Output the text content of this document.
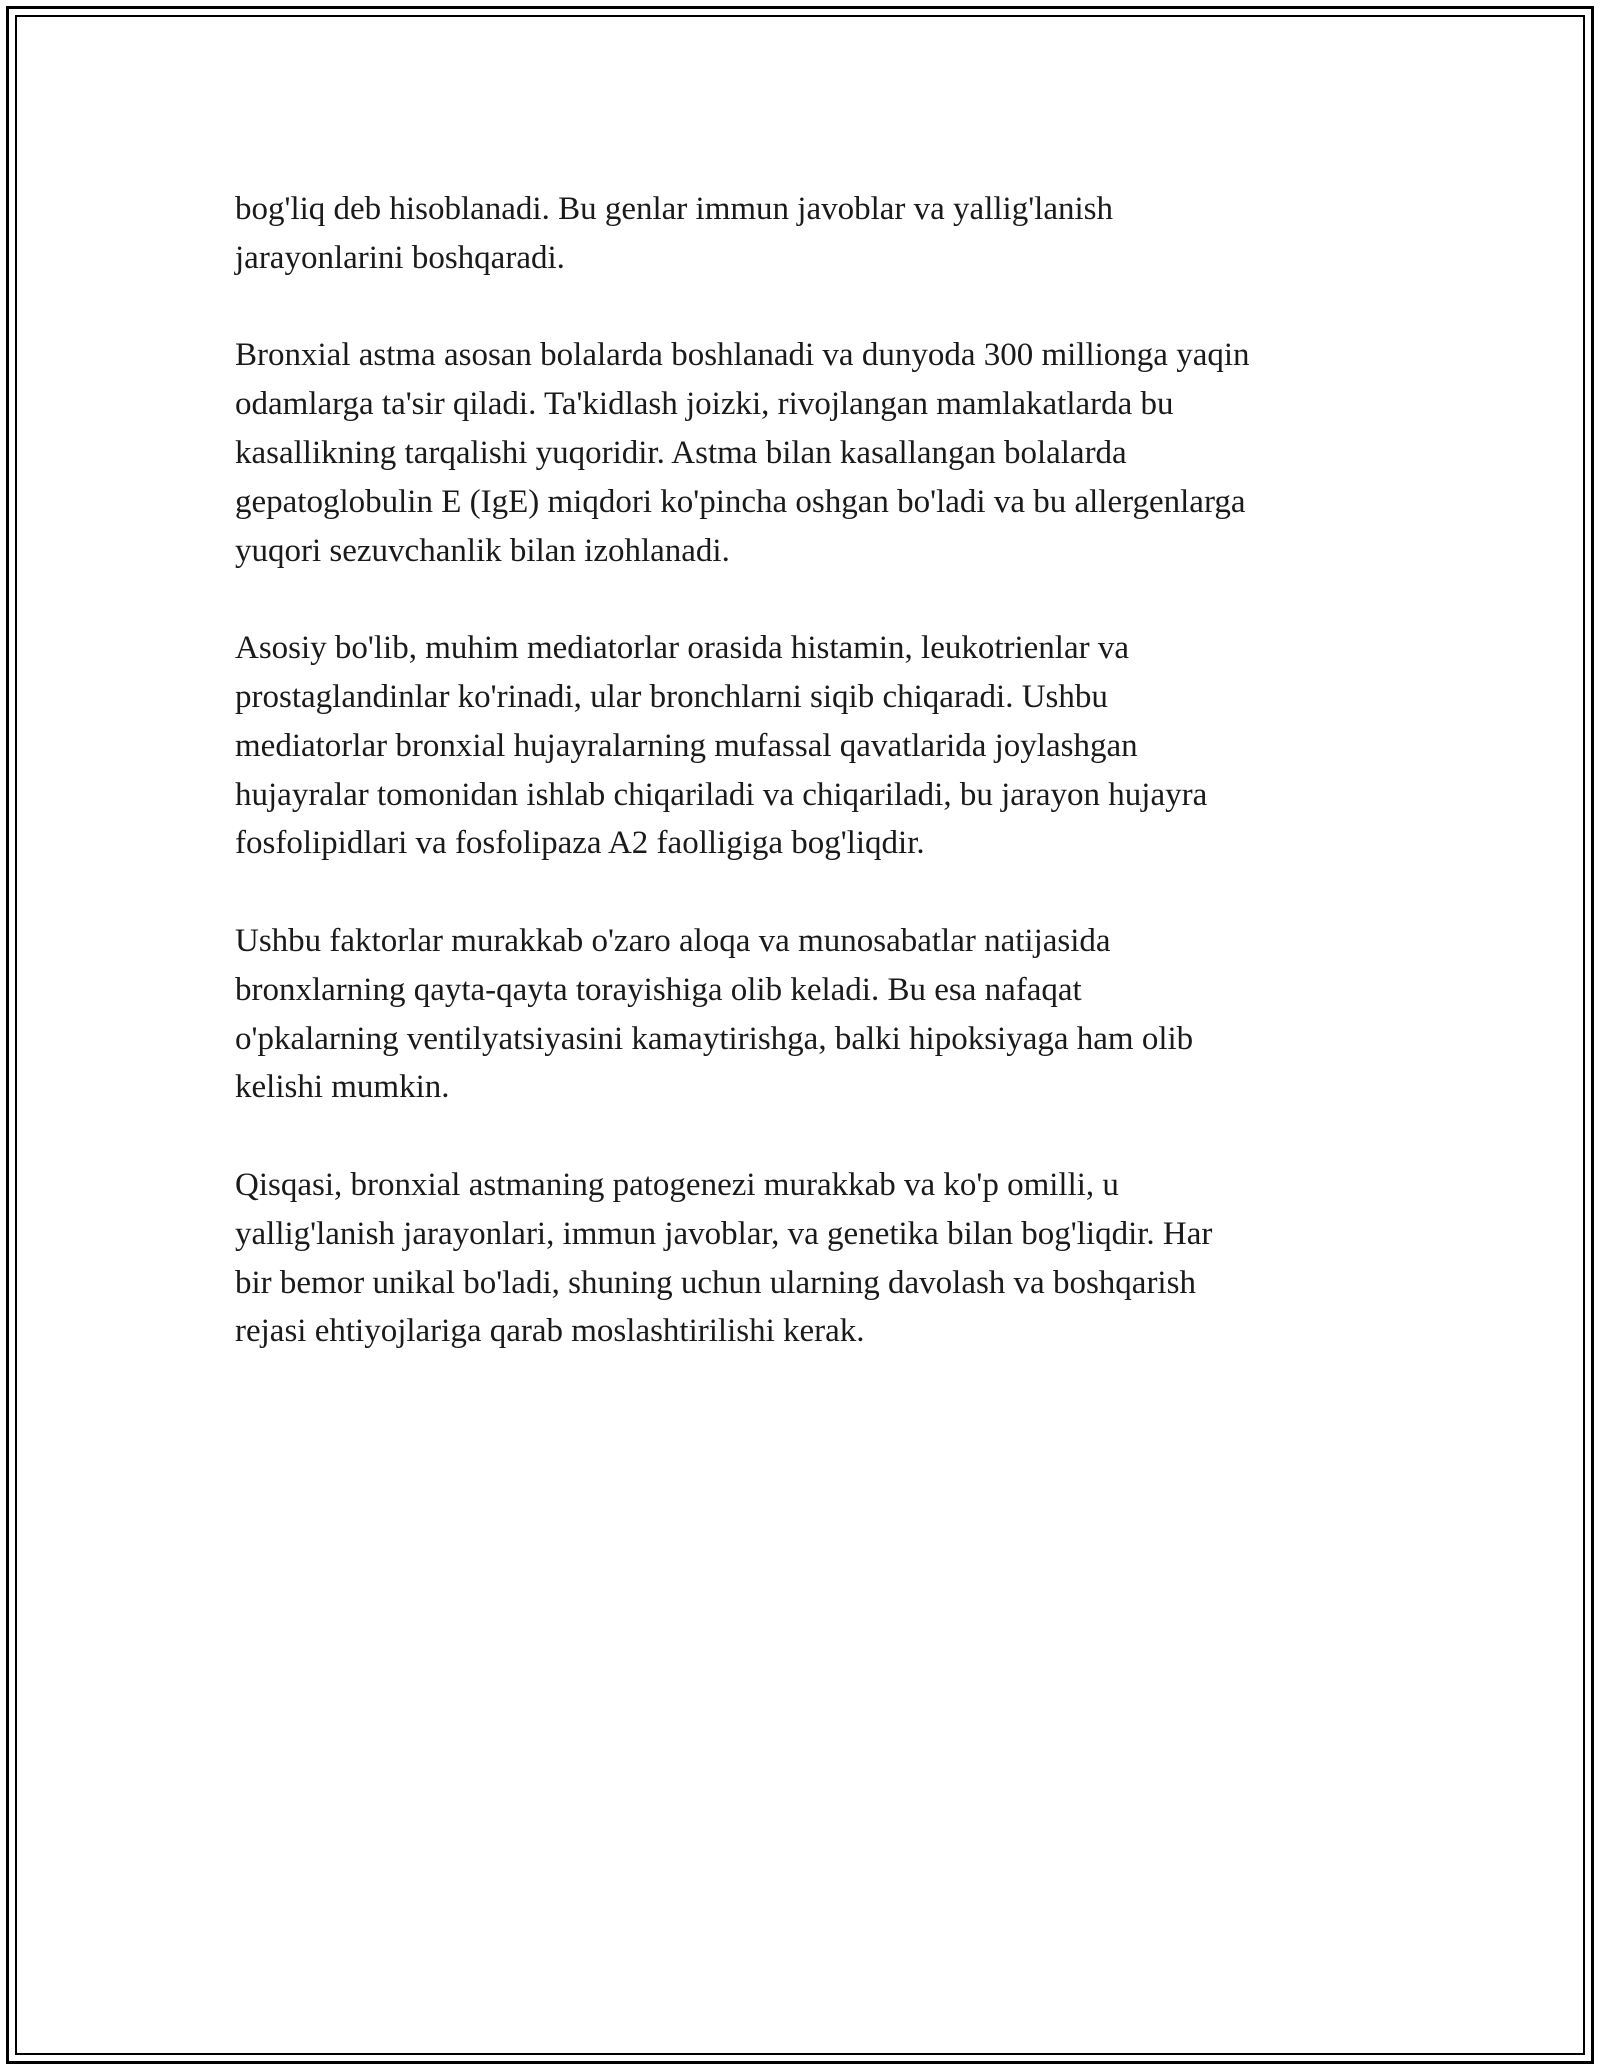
bog'liq deb hisoblanadi. Bu genlar immun javoblar va yallig'lanish
jarayonlarini boshqaradi.

Bronxial astma asosan bolalarda boshlanadi va dunyoda 300 millionga yaqin
odamlarga ta'sir qiladi. Ta'kidlash joizki, rivojlangan mamlakatlarda bu
kasallikning tarqalishi yuqoridir. Astma bilan kasallangan bolalarda
gepatoglobulin E (IgE) miqdori ko'pincha oshgan bo'ladi va bu allergenlarga
yuqori sezuvchanlik bilan izohlanadi.

Asosiy bo'lib, muhim mediatorlar orasida histamin, leukotrienlar va
prostaglandinlar ko'rinadi, ular bronchlarni siqib chiqaradi. Ushbu
mediatorlar bronxial hujayralarning mufassal qavatlarida joylashgan
hujayralar tomonidan ishlab chiqariladi va chiqariladi, bu jarayon hujayra
fosfolipidlari va fosfolipaza A2 faolligiga bog'liqdir.

Ushbu faktorlar murakkab o'zaro aloqa va munosabatlar natijasida
bronxlarning qayta-qayta torayishiga olib keladi. Bu esa nafaqat
o'pkalarning ventilyatsiyasini kamaytirishga, balki hipoksiyaga ham olib
kelishi mumkin.

Qisqasi, bronxial astmaning patogenezi murakkab va ko'p omilli, u
yallig'lanish jarayonlari, immun javoblar, va genetika bilan bog'liqdir. Har
bir bemor unikal bo'ladi, shuning uchun ularning davolash va boshqarish
rejasi ehtiyojlariga qarab moslashtirilishi kerak.
